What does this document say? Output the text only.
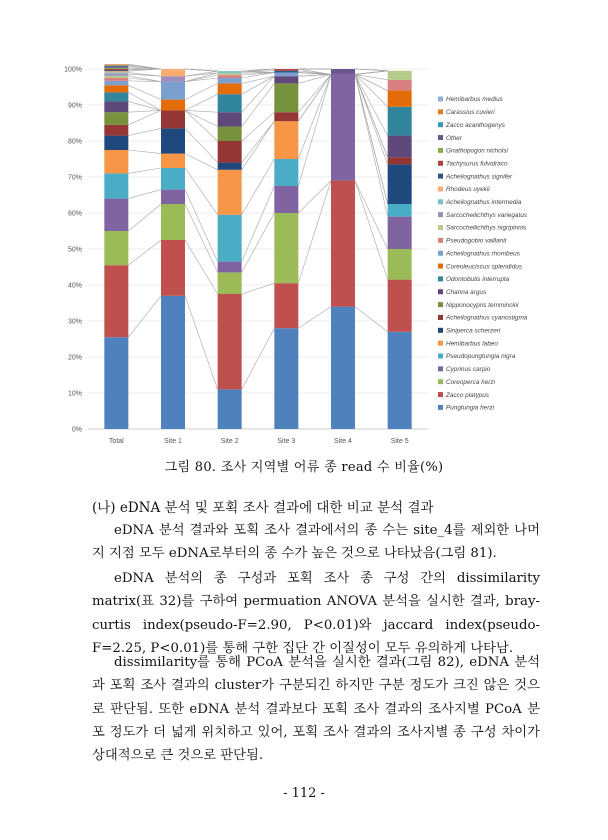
0%
10%
20%
30%
40%
50%
60%
70%
80%
90%
100%
Total	Site 1	Site 2	Site 3	Site 4	Site 5
Hemibarbus medius
Carassius cuvieri
Zacco acanthogenys
Other
Gnathopogon nicholsi
Tachysurus fulvidraco
Acheilognathus signifer
Rhodeus uyekii
Acheilognathus intermedia
Sarcocheilichthys variegatus
Sarcocheilichthys nigripinnis
Pseudogobio vaillanti
Acheilognathus rhombeus
Coreoleuciscus splendidus
Odontobutis interrupta
Channa argus
Nipponocypris temminckii
Acheilognathus cyanostigma
Siniperca scherzeri
Hemibarbus labeo
Pseudopungtungia nigra
Cyprinus carpio
Coreoperca herzi
Zacco platypus
Pungtungia herzi
그림 80. 조사 지역별 어류 종 read 수 비율(%)
(나) eDNA 분석 및 포획 조사 결과에 대한 비교 분석 결과
eDNA 분석 결과와 포획 조사 결과에서의 종 수는 site_4를 제외한 나머지 지점 모두 eDNA로부터의 종 수가 높은 것으로 나타났음(그림 81).
eDNA 분석의 종 구성과 포획 조사 종 구성 간의 dissimilarity matrix(표 32)를 구하여 permuation ANOVA 분석을 실시한 결과, bray-curtis index(pseudo-F=2.90, P<0.01)와 jaccard index(pseudo-F=2.25, P<0.01)를 통해 구한 집단 간 이질성이 모두 유의하게 나타남.
dissimilarity를 통해 PCoA 분석을 실시한 결과(그림 82), eDNA 분석과 포획 조사 결과의 cluster가 구분되긴 하지만 구분 정도가 크진 않은 것으로 판단됨. 또한 eDNA 분석 결과보다 포획 조사 결과의 조사지별 PCoA 분포 정도가 더 넓게 위치하고 있어, 포획 조사 결과의 조사지별 종 구성 차이가 상대적으로 큰 것으로 판단됨.
- 112 -
